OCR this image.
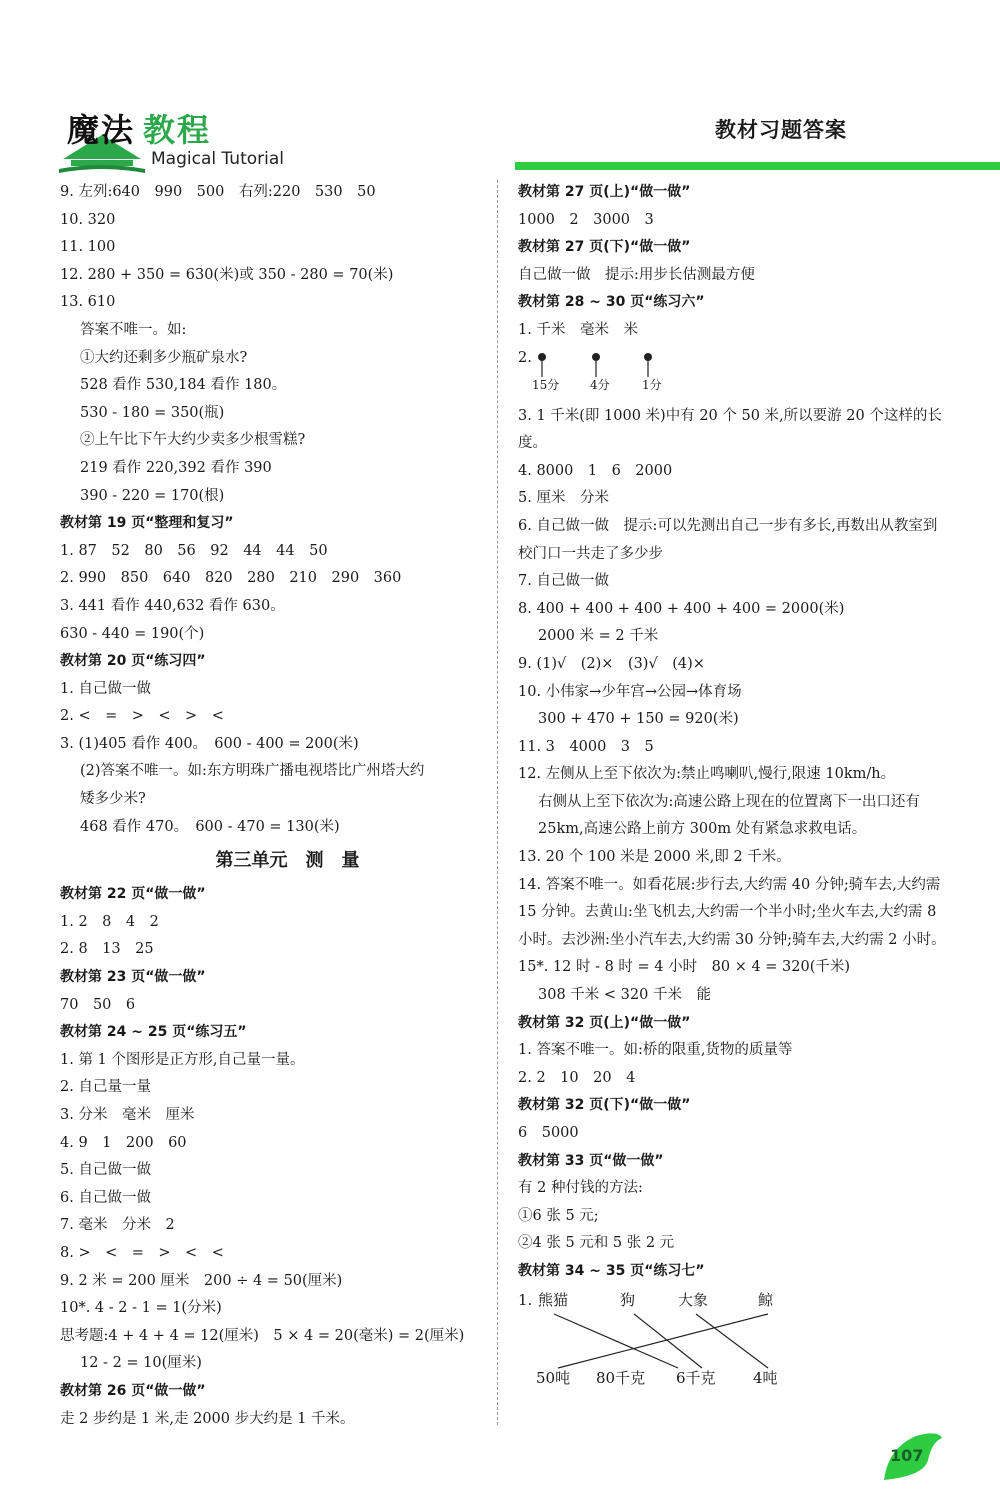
魔法 教程
Magical Tutorial
教材习题答案
9. 左列:640　990　500　右列:220　530　50
10. 320
11. 100
12. 280 + 350 = 630(米)或 350 - 280 = 70(米)
13. 610
答案不唯一。如:
①大约还剩多少瓶矿泉水?
528 看作 530,184 看作 180。
530 - 180 = 350(瓶)
②上午比下午大约少卖多少根雪糕?
219 看作 220,392 看作 390
390 - 220 = 170(根)
教材第 19 页“整理和复习”
1. 87　52　80　56　92　44　44　50
2. 990　850　640　820　280　210　290　360
3. 441 看作 440,632 看作 630。
630 - 440 = 190(个)
教材第 20 页“练习四”
1. 自己做一做
2. <　=　>　<　>　<
3. (1)405 看作 400。　600 - 400 = 200(米)
(2)答案不唯一。如:东方明珠广播电视塔比广州塔大约
矮多少米?
468 看作 470。　600 - 470 = 130(米)
第三单元　测　量
教材第 22 页“做一做”
1. 2　8　4　2
2. 8　13　25
教材第 23 页“做一做”
70　50　6
教材第 24 ~ 25 页“练习五”
1. 第 1 个图形是正方形,自己量一量。
2. 自己量一量
3. 分米　毫米　厘米
4. 9　1　200　60
5. 自己做一做
6. 自己做一做
7. 毫米　分米　2
8. >　<　=　>　<　<
9. 2 米 = 200 厘米　200 ÷ 4 = 50(厘米)
10*. 4 - 2 - 1 = 1(分米)
思考题:4 + 4 + 4 = 12(厘米)　5 × 4 = 20(毫米) = 2(厘米)
12 - 2 = 10(厘米)
教材第 26 页“做一做”
走 2 步约是 1 米,走 2000 步大约是 1 千米。
教材第 27 页(上)“做一做”
1000　2　3000　3
教材第 27 页(下)“做一做”
自己做一做　提示:用步长估测最方便
教材第 28 ~ 30 页“练习六”
1. 千米　毫米　米
2.
15分	4分	1分
3. 1 千米(即 1000 米)中有 20 个 50 米,所以要游 20 个这样的长度。
4. 8000　1　6　2000
5. 厘米　分米
6. 自己做一做　提示:可以先测出自己一步有多长,再数出从教室到校门口一共走了多少步
7. 自己做一做
8. 400 + 400 + 400 + 400 + 400 = 2000(米)
2000 米 = 2 千米
9. (1)√　(2)×　(3)√　(4)×
10. 小伟家→少年宫→公园→体育场
300 + 470 + 150 = 920(米)
11. 3　4000　3　5
12. 左侧从上至下依次为:禁止鸣喇叭,慢行,限速 10km/h。
右侧从上至下依次为:高速公路上现在的位置离下一出口还有 25km,高速公路上前方 300m 处有紧急求救电话。
13. 20 个 100 米是 2000 米,即 2 千米。
14. 答案不唯一。如看花展:步行去,大约需 40 分钟;骑车去,大约需 15 分钟。去黄山:坐飞机去,大约需一个半小时;坐火车去,大约需 8 小时。去沙洲:坐小汽车去,大约需 30 分钟;骑车去,大约需 2 小时。
15*. 12 时 - 8 时 = 4 小时　80 × 4 = 320(千米)
308 千米 < 320 千米　能
教材第 32 页(上)“做一做”
1. 答案不唯一。如:桥的限重,货物的质量等
2. 2　10　20　4
教材第 32 页(下)“做一做”
6　5000
教材第 33 页“做一做”
有 2 种付钱的方法:
①6 张 5 元;
②4 张 5 元和 5 张 2 元
教材第 34 ~ 35 页“练习七”
1. 熊猫	狗	大象	鲸
50吨 80千克 6千克 4吨
107
